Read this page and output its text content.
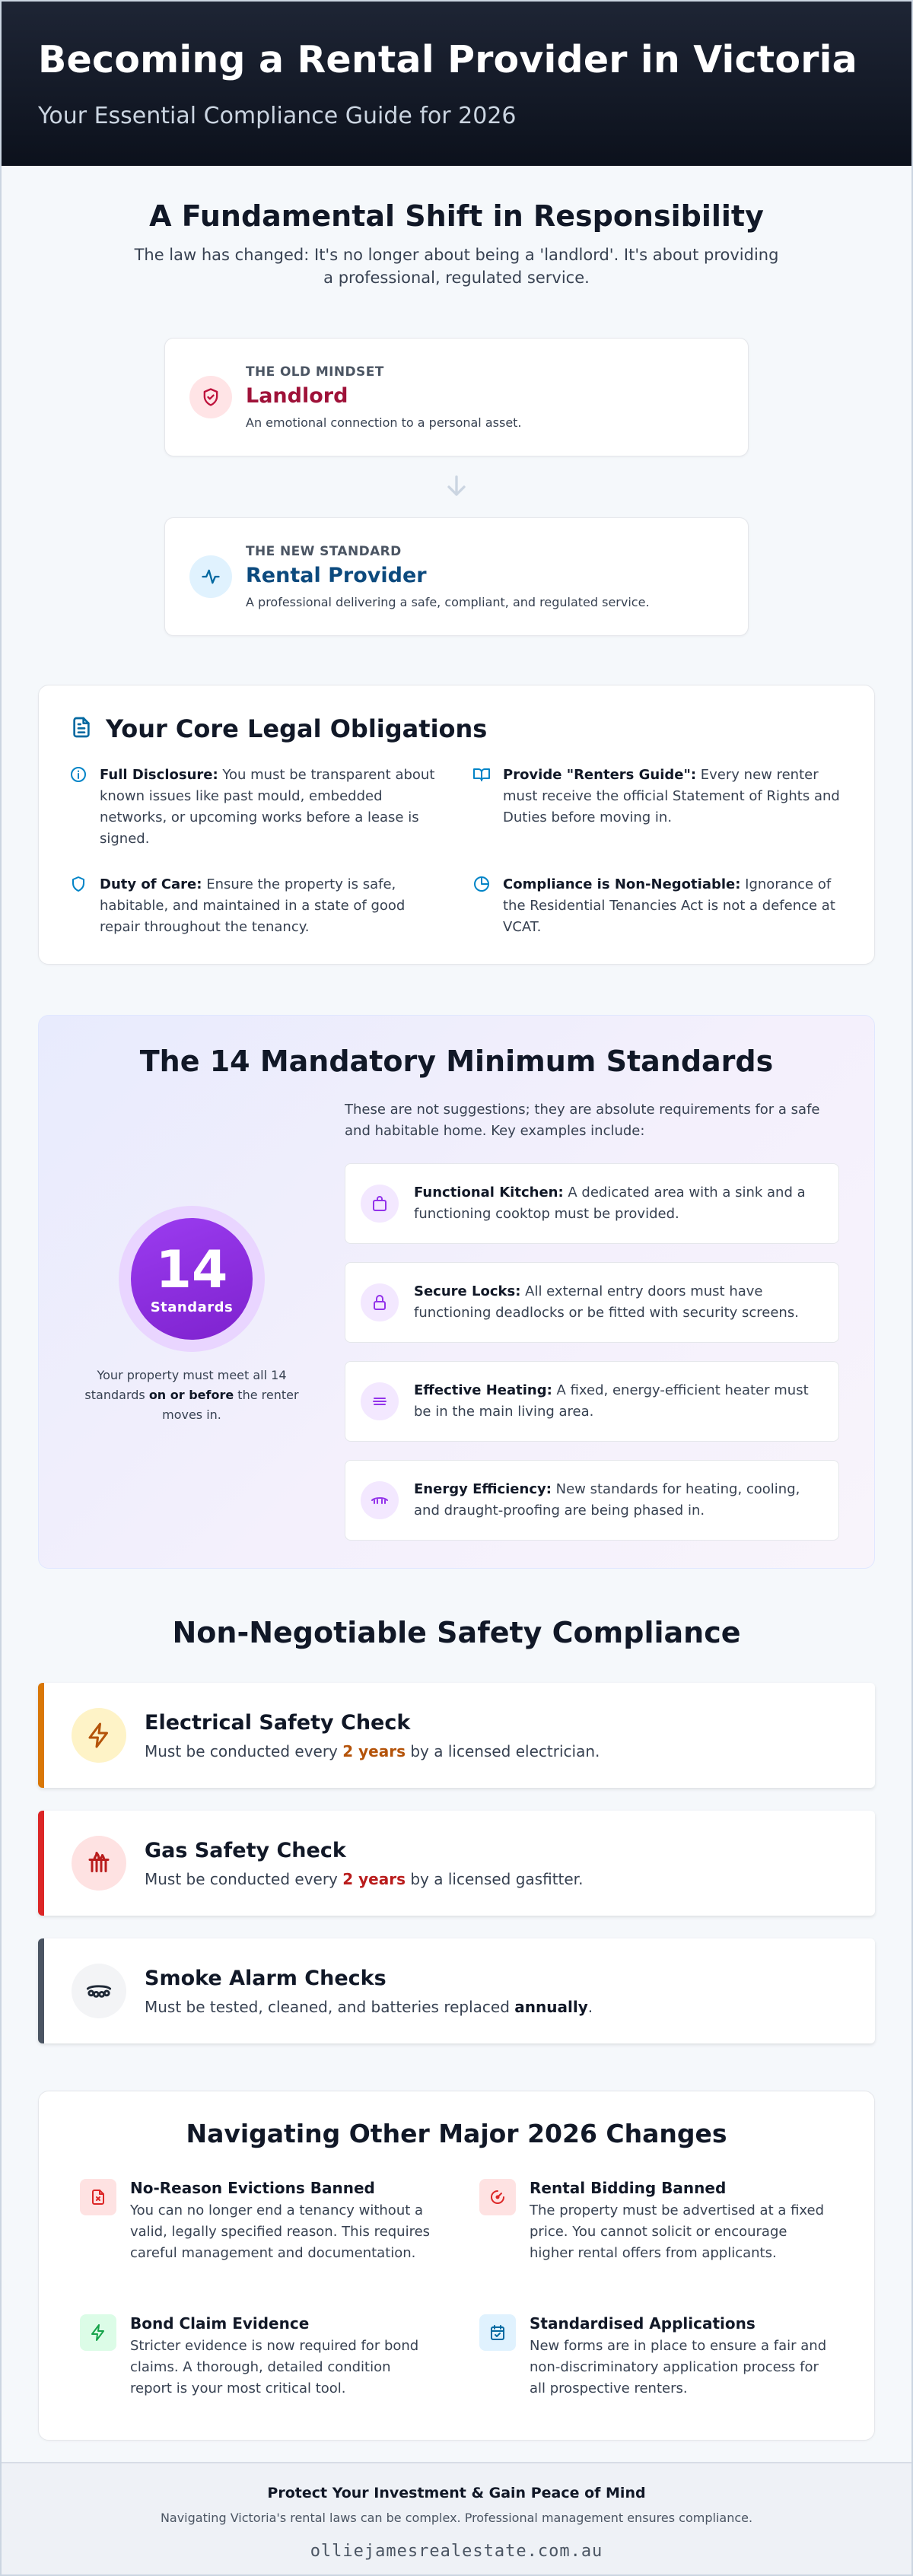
Becoming a Rental Provider in Victoria
Your Essential Compliance Guide for 2026
A Fundamental Shift in Responsibility

The law has changed: It's no longer about being a 'landlord'. It's about providing a professional, regulated service.

THE OLD MINDSET
Landlord
An emotional connection to a personal asset.
THE NEW STANDARD
Rental Provider
A professional delivering a safe, compliant, and regulated service.
Your Core Legal Obligations

Full Disclosure: You must be transparent about known issues like past mould, embedded networks, or upcoming works before a lease is signed.

Provide "Renters Guide": Every new renter must receive the official Statement of Rights and Duties before moving in.

Duty of Care: Ensure the property is safe, habitable, and maintained in a state of good repair throughout the tenancy.

Compliance is Non-Negotiable: Ignorance of the Residential Tenancies Act is not a defence at VCAT.

The 14 Mandatory Minimum Standards
14
Standards

Your property must meet all 14 standards on or before the renter moves in.

These are not suggestions; they are absolute requirements for a safe and habitable home. Key examples include:

Functional Kitchen: A dedicated area with a sink and a functioning cooktop must be provided.

Secure Locks: All external entry doors must have functioning deadlocks or be fitted with security screens.

Effective Heating: A fixed, energy-efficient heater must be in the main living area.

Energy Efficiency: New standards for heating, cooling, and draught-proofing are being phased in.

Non-Negotiable Safety Compliance
Electrical Safety Check
Must be conducted every 2 years by a licensed electrician.
Gas Safety Check
Must be conducted every 2 years by a licensed gasfitter.
Smoke Alarm Checks
Must be tested, cleaned, and batteries replaced annually.
Navigating Other Major 2026 Changes
No-Reason Evictions Banned
You can no longer end a tenancy without a valid, legally specified reason. This requires careful management and documentation.
Rental Bidding Banned
The property must be advertised at a fixed price. You cannot solicit or encourage higher rental offers from applicants.
Bond Claim Evidence
Stricter evidence is now required for bond claims. A thorough, detailed condition report is your most critical tool.
Standardised Applications
New forms are in place to ensure a fair and non-discriminatory application process for all prospective renters.
Protect Your Investment & Gain Peace of Mind
Navigating Victoria's rental laws can be complex. Professional management ensures compliance.
olliejamesrealestate.com.au
